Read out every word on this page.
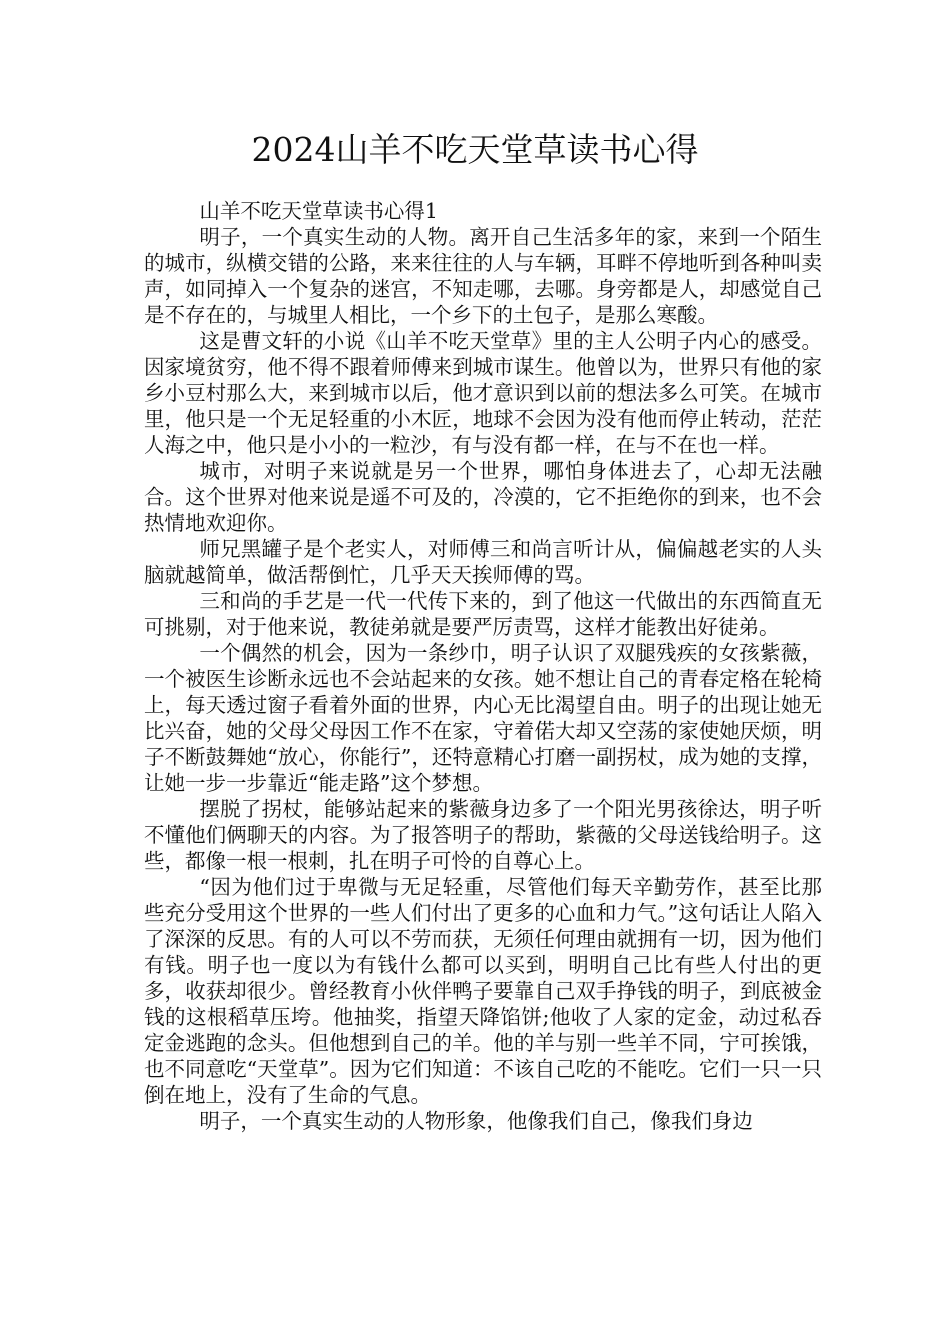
2024山羊不吃天堂草读书心得

山羊不吃天堂草读书心得1

明子，一个真实生动的人物。离开自己生活多年的家，来到一个陌生的城市，纵横交错的公路，来来往往的人与车辆，耳畔不停地听到各种叫卖声，如同掉入一个复杂的迷宫，不知走哪，去哪。身旁都是人，却感觉自己是不存在的，与城里人相比，一个乡下的土包子，是那么寒酸。

这是曹文轩的小说《山羊不吃天堂草》里的主人公明子内心的感受。因家境贫穷，他不得不跟着师傅来到城市谋生。他曾以为，世界只有他的家乡小豆村那么大，来到城市以后，他才意识到以前的想法多么可笑。在城市里，他只是一个无足轻重的小木匠，地球不会因为没有他而停止转动，茫茫人海之中，他只是小小的一粒沙，有与没有都一样，在与不在也一样。

城市，对明子来说就是另一个世界，哪怕身体进去了，心却无法融合。这个世界对他来说是遥不可及的，冷漠的，它不拒绝你的到来，也不会热情地欢迎你。

师兄黑罐子是个老实人，对师傅三和尚言听计从，偏偏越老实的人头脑就越简单，做活帮倒忙，几乎天天挨师傅的骂。

三和尚的手艺是一代一代传下来的，到了他这一代做出的东西简直无可挑剔，对于他来说，教徒弟就是要严厉责骂，这样才能教出好徒弟。

一个偶然的机会，因为一条纱巾，明子认识了双腿残疾的女孩紫薇，一个被医生诊断永远也不会站起来的女孩。她不想让自己的青春定格在轮椅上，每天透过窗子看着外面的世界，内心无比渴望自由。明子的出现让她无比兴奋，她的父母父母因工作不在家，守着偌大却又空荡的家使她厌烦，明子不断鼓舞她“放心，你能行”，还特意精心打磨一副拐杖，成为她的支撑，让她一步一步靠近“能走路”这个梦想。

摆脱了拐杖，能够站起来的紫薇身边多了一个阳光男孩徐达，明子听不懂他们俩聊天的内容。为了报答明子的帮助，紫薇的父母送钱给明子。这些，都像一根一根刺，扎在明子可怜的自尊心上。

“因为他们过于卑微与无足轻重，尽管他们每天辛勤劳作，甚至比那些充分受用这个世界的一些人们付出了更多的心血和力气。”这句话让人陷入了深深的反思。有的人可以不劳而获，无须任何理由就拥有一切，因为他们有钱。明子也一度以为有钱什么都可以买到，明明自己比有些人付出的更多，收获却很少。曾经教育小伙伴鸭子要靠自己双手挣钱的明子，到底被金钱的这根稻草压垮。他抽奖，指望天降馅饼;他收了人家的定金，动过私吞定金逃跑的念头。但他想到自己的羊。他的羊与别一些羊不同，宁可挨饿，也不同意吃“天堂草”。因为它们知道：不该自己吃的不能吃。它们一只一只倒在地上，没有了生命的气息。

明子，一个真实生动的人物形象，他像我们自己，像我们身边
